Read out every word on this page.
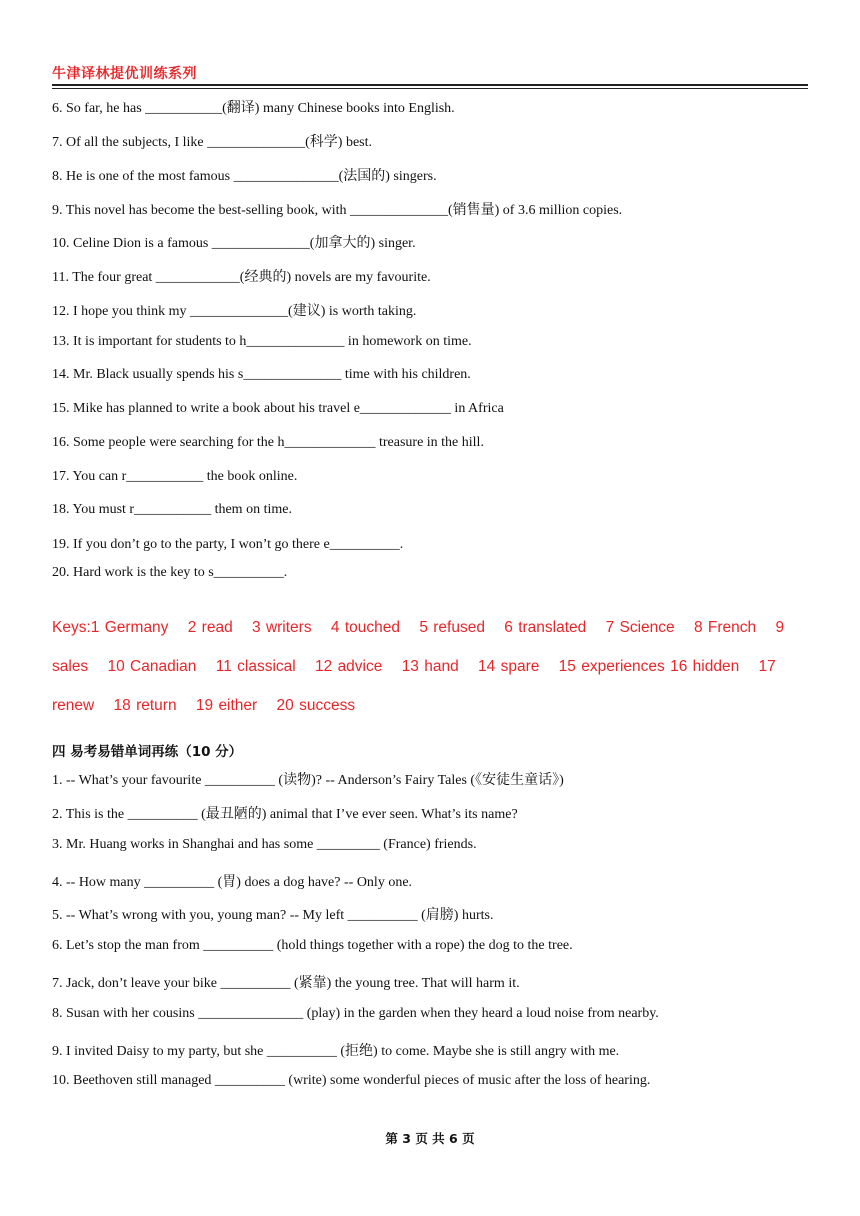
牛津译林提优训练系列
6. So far, he has ___________(翻译) many Chinese books into English.
7. Of all the subjects, I like ______________(科学) best.
8. He is one of the most famous _______________(法国的) singers.
9. This novel has become the best-selling book, with ______________(销售量) of 3.6 million copies.
10. Celine Dion is a famous ______________(加拿大的) singer.
11. The four great ____________(经典的) novels are my favourite.
12. I hope you think my ______________(建议) is worth taking.
13. It is important for students to h______________ in homework on time.
14. Mr. Black usually spends his s______________ time with his children.
15. Mike has planned to write a book about his travel e_____________ in Africa
16. Some people were searching for the h_____________ treasure in the hill.
17. You can r___________ the book online.
18. You must r___________ them on time.
19. If you don’t go to the party, I won’t go there e__________.
20. Hard work is the key to s__________.
Keys:1 Germany 2 read 3 writers 4 touched 5 refused 6 translated 7 Science 8 French 9 sales 10 Canadian 11 classical 12 advice 13 hand 14 spare 15 experiences 16 hidden 17 renew 18 return 19 either 20 success
四 易考易错单词再练（10 分）
1. -- What’s your favourite __________ (读物)? -- Anderson’s Fairy Tales (《安徒生童话》)
2. This is the __________ (最丑陋的) animal that I’ve ever seen. What’s its name?
3. Mr. Huang works in Shanghai and has some _________ (France) friends.
4. -- How many __________ (胃) does a dog have? -- Only one.
5. -- What’s wrong with you, young man? -- My left __________ (肩膀) hurts.
6. Let’s stop the man from __________ (hold things together with a rope) the dog to the tree.
7. Jack, don’t leave your bike __________ (紧靠) the young tree. That will harm it.
8. Susan with her cousins _______________ (play) in the garden when they heard a loud noise from nearby.
9. I invited Daisy to my party, but she __________ (拒绝) to come. Maybe she is still angry with me.
10. Beethoven still managed __________ (write) some wonderful pieces of music after the loss of hearing.
第 3 页 共 6 页
